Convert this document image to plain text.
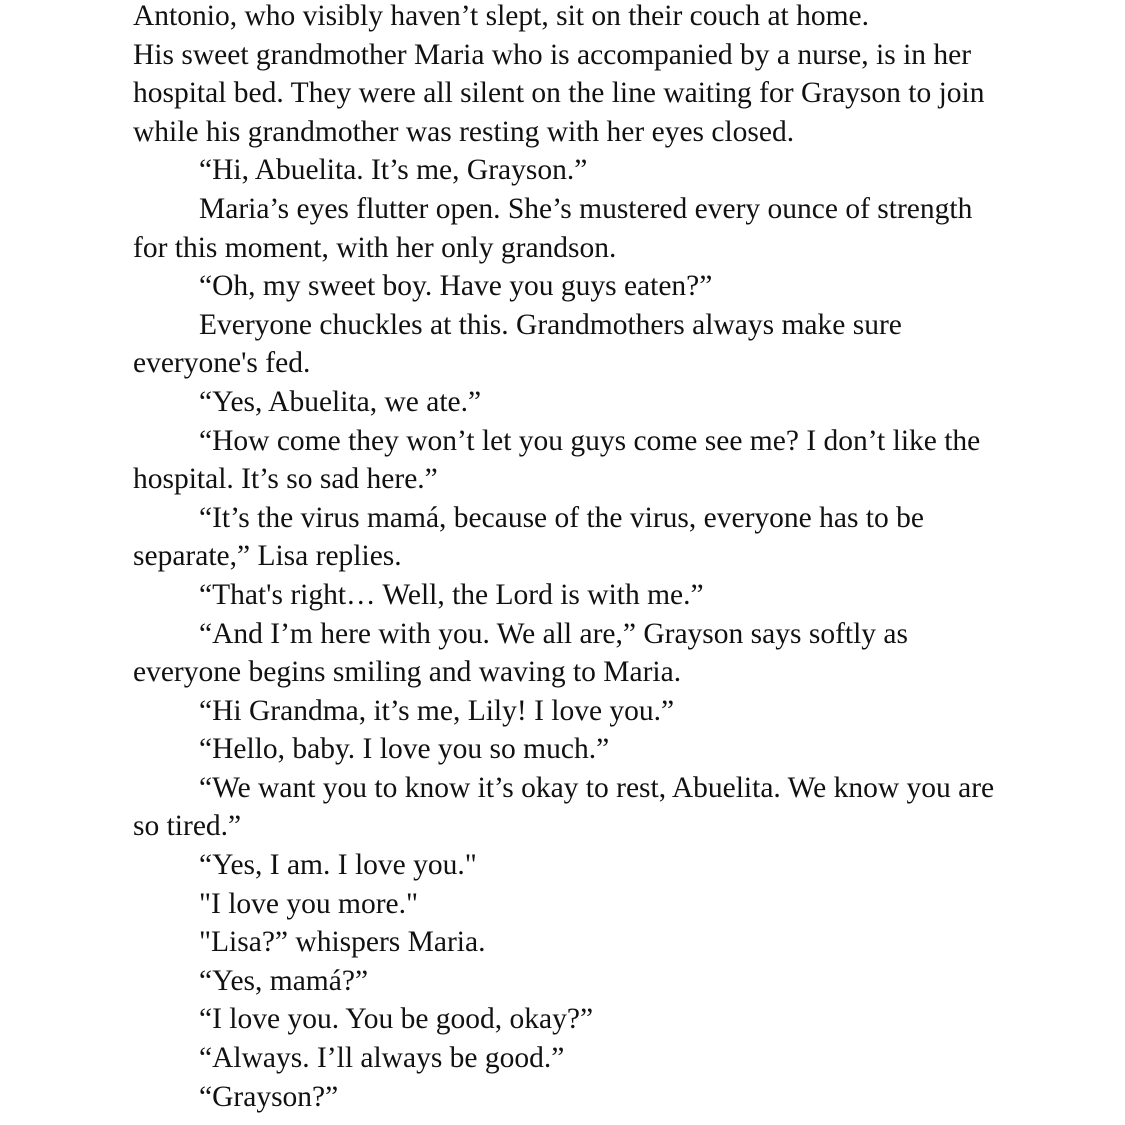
Antonio, who visibly haven’t slept, sit on their couch at home.

His sweet grandmother Maria who is accompanied by a nurse, is in her hospital bed. They were all silent on the line waiting for Grayson to join while his grandmother was resting with her eyes closed.

“Hi, Abuelita. It’s me, Grayson.”

Maria’s eyes flutter open. She’s mustered every ounce of strength for this moment, with her only grandson.

“Oh, my sweet boy. Have you guys eaten?”

Everyone chuckles at this. Grandmothers always make sure everyone's fed.

“Yes, Abuelita, we ate.”

“How come they won’t let you guys come see me? I don’t like the hospital. It’s so sad here.”

“It’s the virus mamá, because of the virus, everyone has to be separate,” Lisa replies.

“That's right… Well, the Lord is with me.”

“And I’m here with you. We all are,” Grayson says softly as everyone begins smiling and waving to Maria.

“Hi Grandma, it’s me, Lily! I love you.”

“Hello, baby. I love you so much.”

“We want you to know it’s okay to rest, Abuelita. We know you are so tired.”

“Yes, I am. I love you."

"I love you more."

"Lisa?” whispers Maria.

“Yes, mamá?”

“I love you. You be good, okay?”

“Always. I’ll always be good.”

“Grayson?”
